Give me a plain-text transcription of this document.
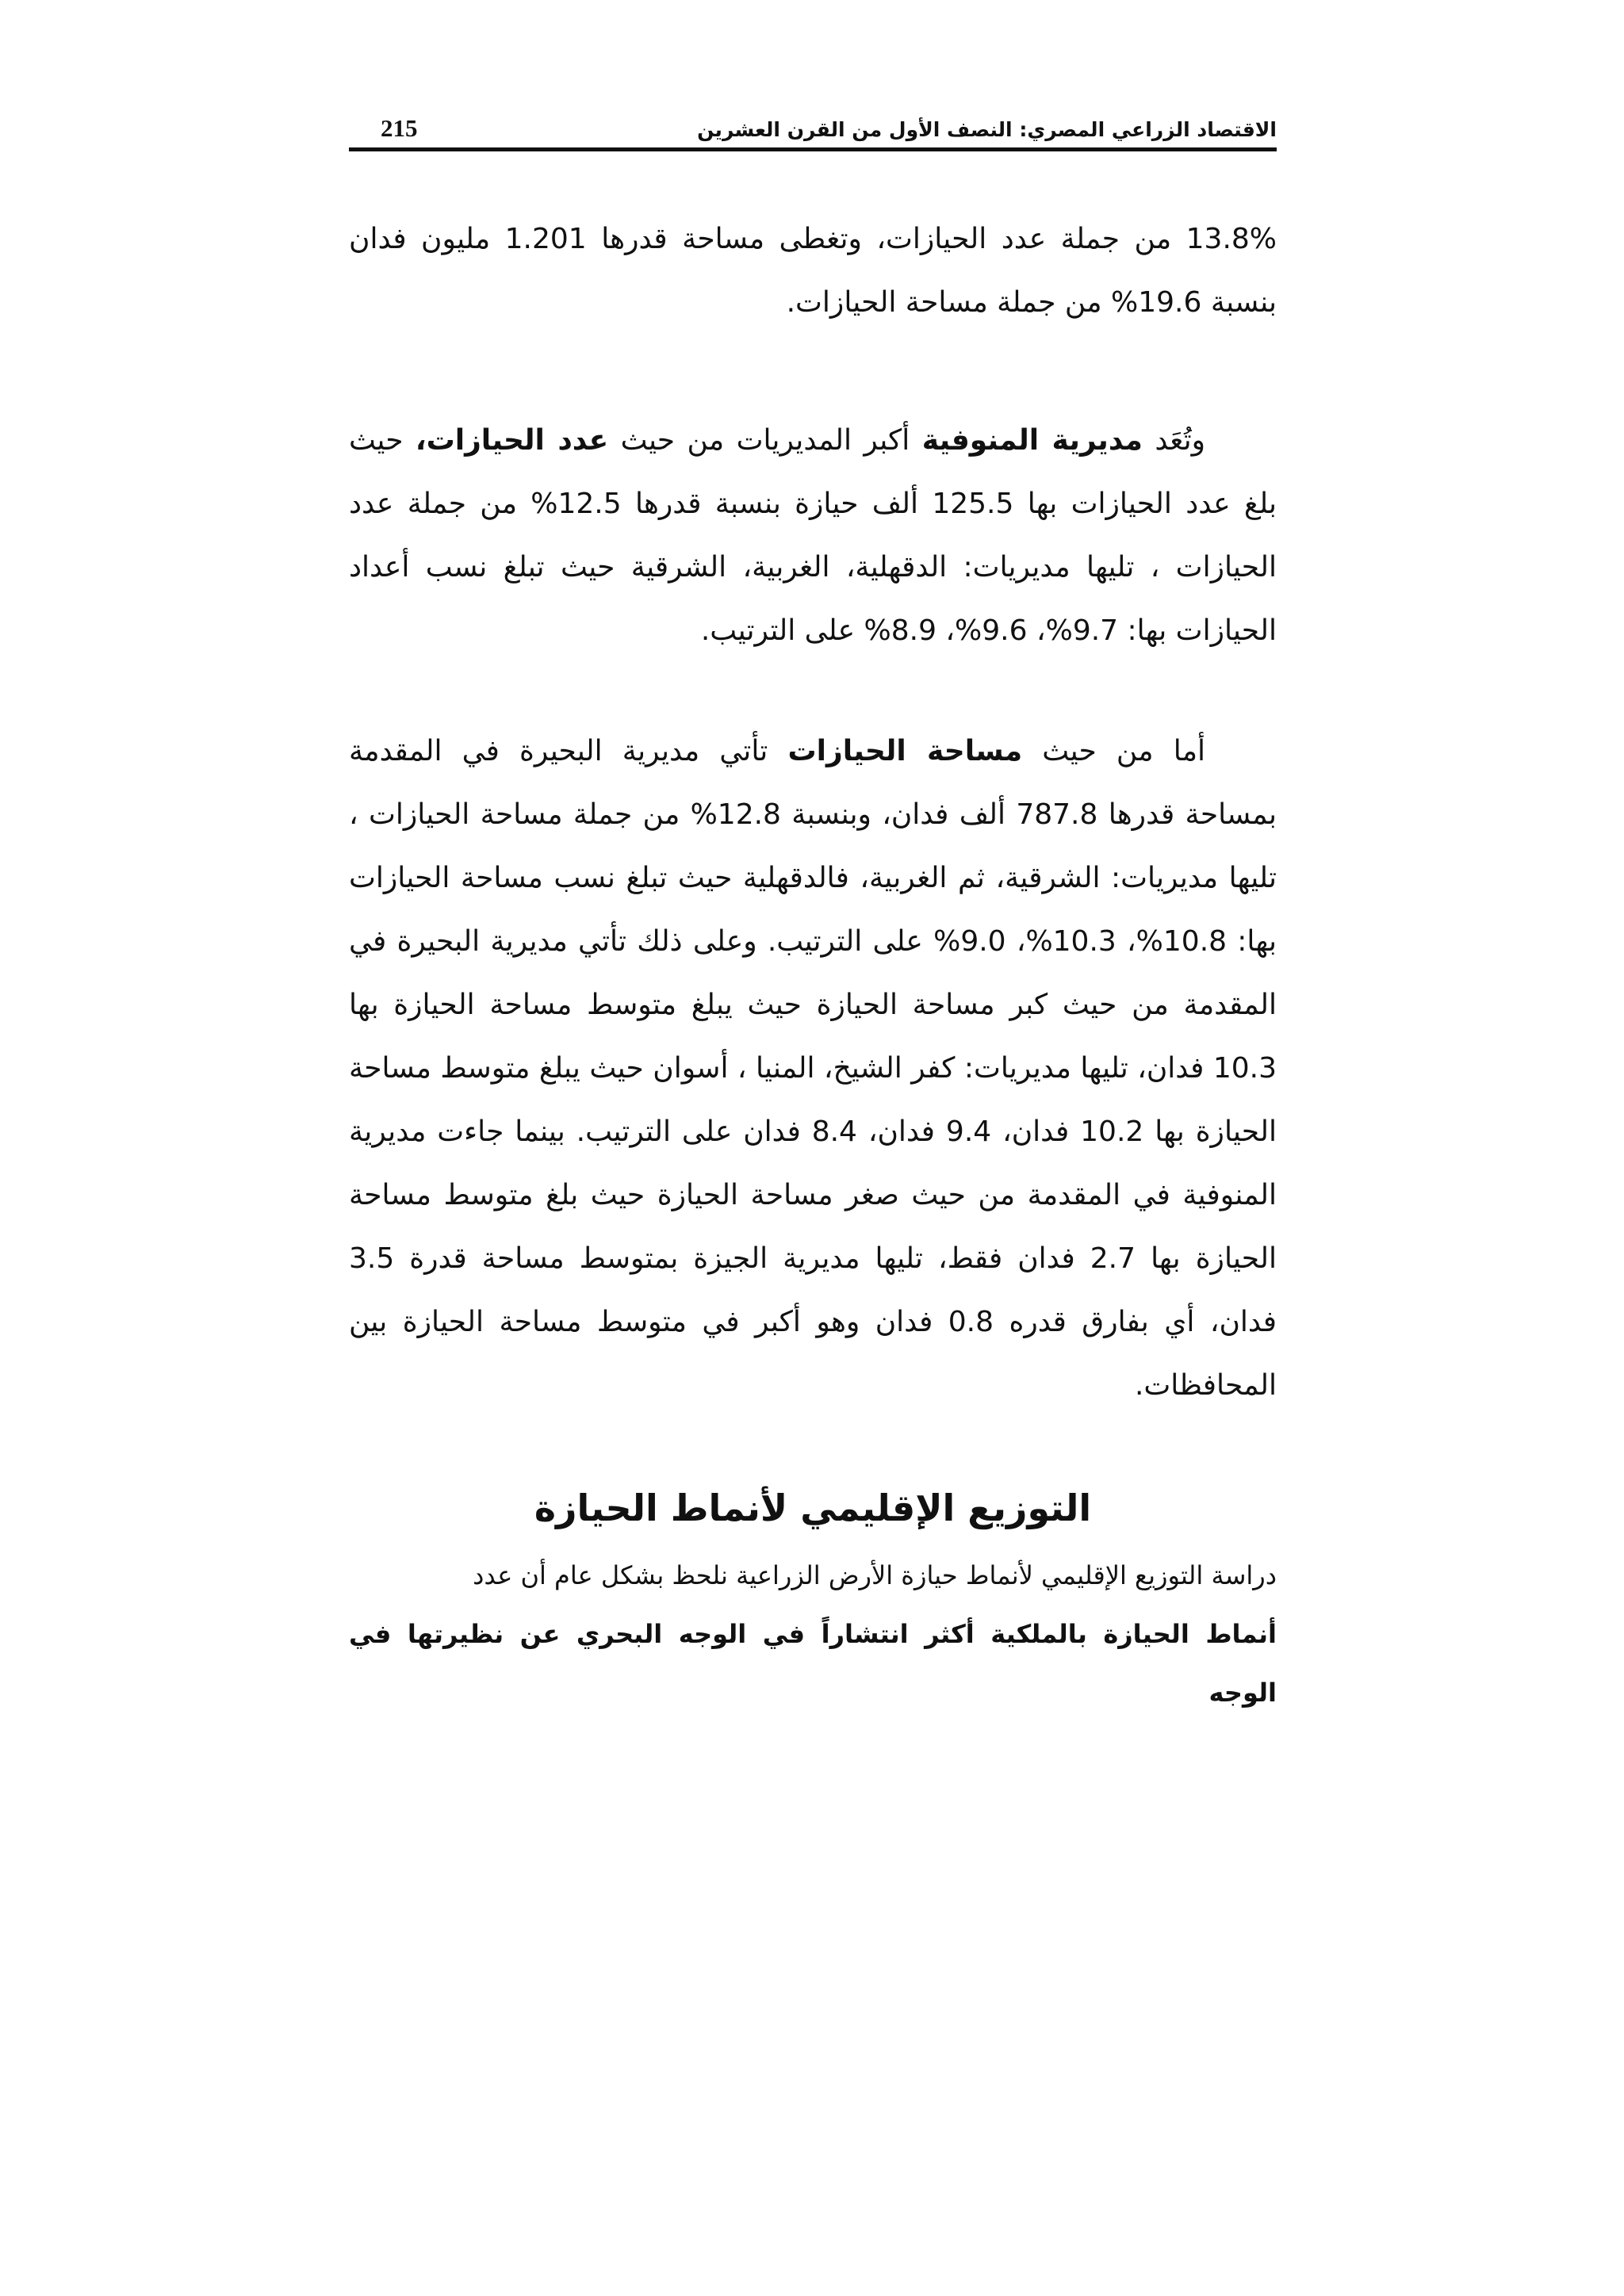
215	الاقتصاد الزراعي المصري: النصف الأول من القرن العشرين

13.8% من جملة عدد الحيازات، وتغطى مساحة قدرها 1.201 مليون فدان بنسبة 19.6% من جملة مساحة الحيازات.

وتُعَد مديرية المنوفية أكبر المديريات من حيث عدد الحيازات، حيث بلغ عدد الحيازات بها 125.5 ألف حيازة بنسبة قدرها 12.5% من جملة عدد الحيازات ، تليها مديريات: الدقهلية، الغربية، الشرقية حيث تبلغ نسب أعداد الحيازات بها: 9.7%، 9.6%، 8.9% على الترتيب.

أما من حيث مساحة الحيازات تأتي مديرية البحيرة في المقدمة بمساحة قدرها 787.8 ألف فدان، وبنسبة 12.8% من جملة مساحة الحيازات ، تليها مديريات: الشرقية، ثم الغربية، فالدقهلية حيث تبلغ نسب مساحة الحيازات بها: 10.8%، 10.3%، 9.0% على الترتيب. وعلى ذلك تأتي مديرية البحيرة في المقدمة من حيث كبر مساحة الحيازة حيث يبلغ متوسط مساحة الحيازة بها 10.3 فدان، تليها مديريات: كفر الشيخ، المنيا ، أسوان حيث يبلغ متوسط مساحة الحيازة بها 10.2 فدان، 9.4 فدان، 8.4 فدان على الترتيب. بينما جاءت مديرية المنوفية في المقدمة من حيث صغر مساحة الحيازة حيث بلغ متوسط مساحة الحيازة بها 2.7 فدان فقط، تليها مديرية الجيزة بمتوسط مساحة قدرة 3.5 فدان، أي بفارق قدره 0.8 فدان وهو أكبر في متوسط مساحة الحيازة بين المحافظات.

التوزيع الإقليمي لأنماط الحيازة

دراسة التوزيع الإقليمي لأنماط حيازة الأرض الزراعية نلحظ بشكل عام أن عدد

أنماط الحيازة بالملكية أكثر انتشاراً في الوجه البحري عن نظيرتها في الوجه
